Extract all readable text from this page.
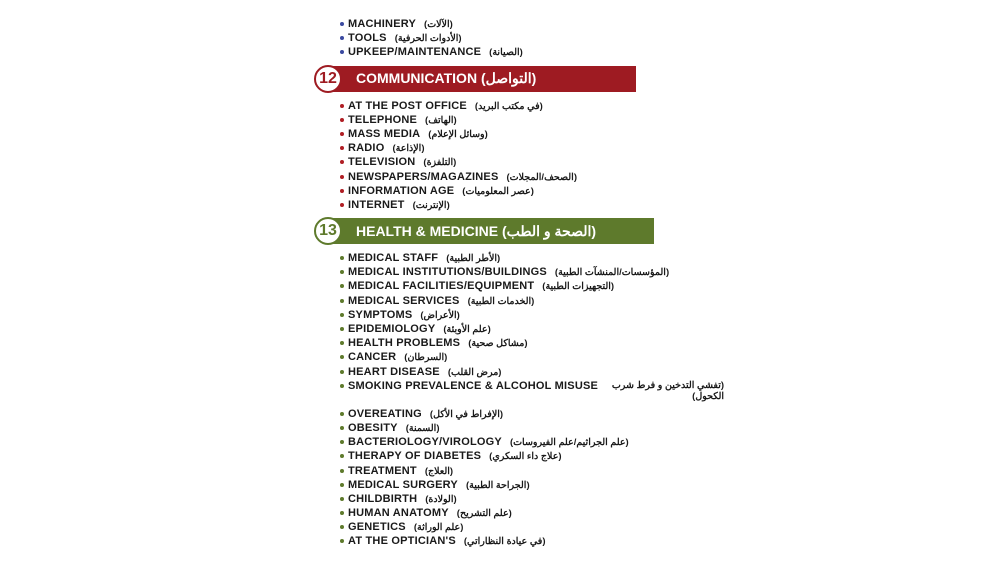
MACHINERY (الآلات)
TOOLS (الأدوات الحرفية)
UPKEEP/MAINTENANCE (الصيانة)
12	COMMUNICATION (التواصل)
AT THE POST OFFICE (في مكتب البريد)
TELEPHONE (الهاتف)
MASS MEDIA (وسائل الإعلام)
RADIO (الإذاعة)
TELEVISION (التلفزة)
NEWSPAPERS/MAGAZINES (الصحف/المجلات)
INFORMATION AGE (عصر المعلوميات)
INTERNET (الإنترنت)
13	HEALTH & MEDICINE (الصحة و الطب)
MEDICAL STAFF (الأطر الطبية)
MEDICAL INSTITUTIONS/BUILDINGS (المؤسسات/المنشآت الطبية)
MEDICAL FACILITIES/EQUIPMENT (التجهيزات الطبية)
MEDICAL SERVICES (الخدمات الطبية)
SYMPTOMS (الأعراض)
EPIDEMIOLOGY (علم الأوبئة)
HEALTH PROBLEMS (مشاكل صحية)
CANCER (السرطان)
HEART DISEASE (مرض القلب)
SMOKING PREVALENCE & ALCOHOL MISUSE (تفشي التدخين و فرط شرب الكحول)
OVEREATING (الإفراط في الأكل)
OBESITY (السمنة)
BACTERIOLOGY/VIROLOGY (علم الجراثيم/علم الفيروسات)
THERAPY OF DIABETES (علاج داء السكري)
TREATMENT (العلاج)
MEDICAL SURGERY (الجراحة الطبية)
CHILDBIRTH (الولادة)
HUMAN ANATOMY (علم التشريح)
GENETICS (علم الوراثة)
AT THE OPTICIAN'S (في عيادة النظاراتي)
